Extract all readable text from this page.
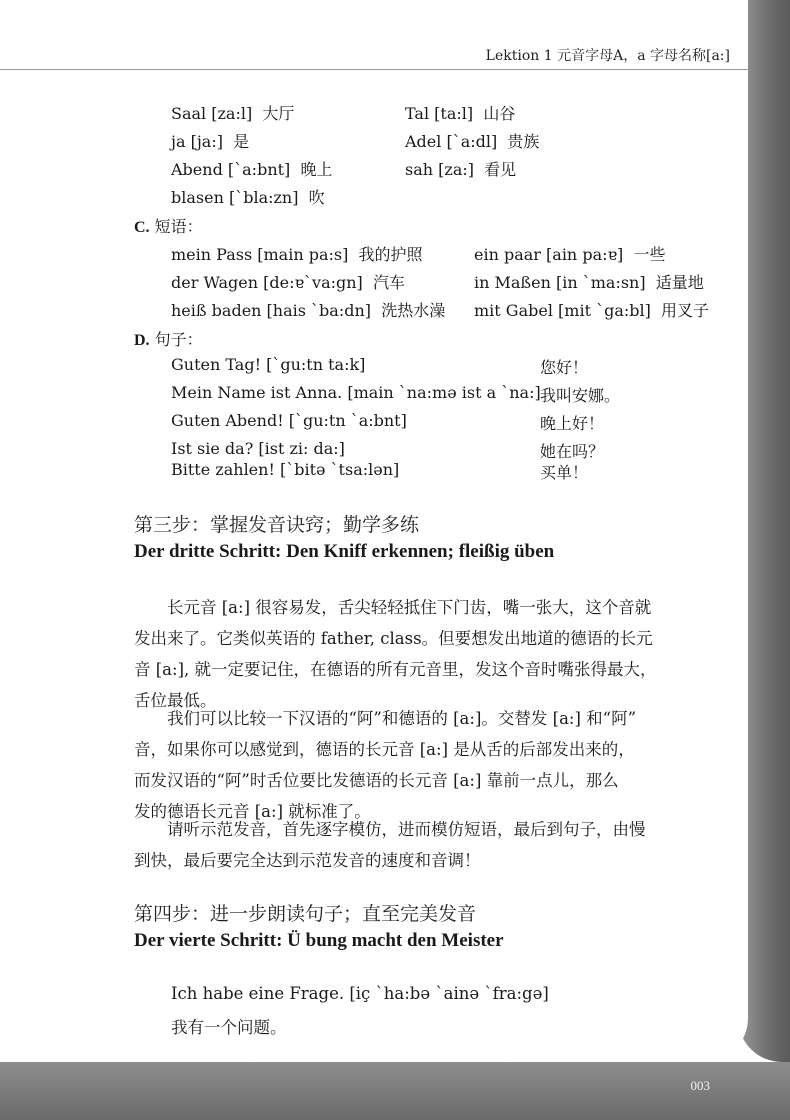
003
Lektion 1 元音字母A，a 字母名称[a:]
Saal [za:l] 大厅	Tal [ta:l] 山谷
ja [ja:] 是	Adel [`a:dl] 贵族
Abend [`a:bnt] 晚上	sah [za:] 看见
blasen [`bla:zn] 吹
C. 短语：
mein Pass [main pa:s] 我的护照	ein paar [ain pa:ɐ] 一些
der Wagen [de:ɐ`va:gn] 汽车	in Maßen [in `ma:sn] 适量地
heiß baden [hais `ba:dn] 洗热水澡 mit Gabel [mit `ga:bl] 用叉子
D. 句子：
Guten Tag! [`gu:tn ta:k]	您好！
Mein Name ist Anna. [main `na:mə ist a `na:] 我叫安娜。
Guten Abend! [`gu:tn `a:bnt]	晚上好！
Ist sie da? [ist zi: da:]	她在吗？
Bitte zahlen! [`bitə `tsa:lən]	买单！
第三步：掌握发音诀窍；勤学多练
Der dritte Schritt: Den Kniff erkennen; fleißig üben
　　长元音 [a:] 很容易发，舌尖轻轻抵住下门齿，嘴一张大，这个音就
发出来了。它类似英语的 father, class。但要想发出地道的德语的长元
音 [a:], 就一定要记住，在德语的所有元音里，发这个音时嘴张得最大，
舌位最低。
　　我们可以比较一下汉语的“阿”和德语的 [a:]。交替发 [a:] 和“阿”
音，如果你可以感觉到，德语的长元音 [a:] 是从舌的后部发出来的，
而发汉语的“阿”时舌位要比发德语的长元音 [a:] 靠前一点儿，那么
发的德语长元音 [a:] 就标准了。
　　请听示范发音，首先逐字模仿，进而模仿短语，最后到句子，由慢
到快，最后要完全达到示范发音的速度和音调！
第四步：进一步朗读句子；直至完美发音
Der vierte Schritt: Ü bung macht den Meister
Ich habe eine Frage. [iç `ha:bə `ainə `fra:gə]
我有一个问题。
